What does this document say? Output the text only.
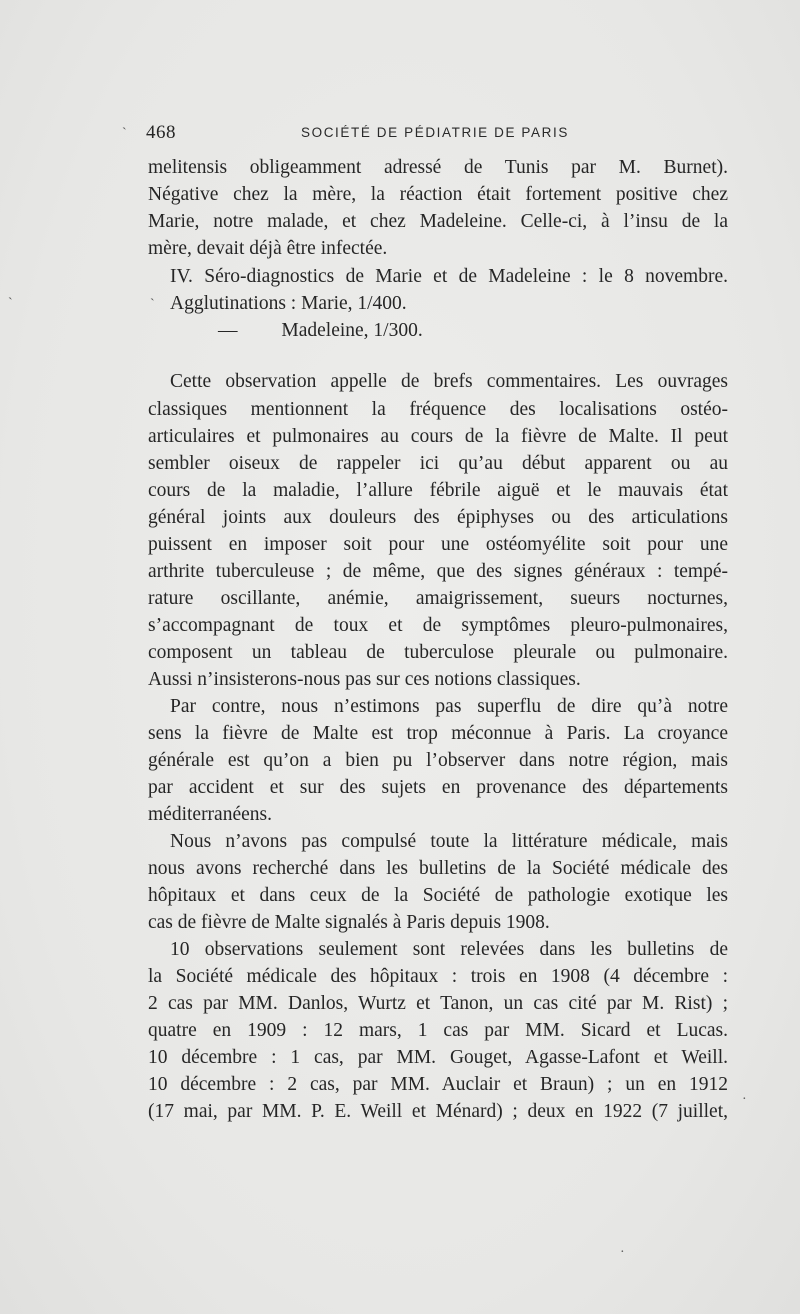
468	SOCIÉTÉ DE PÉDIATRIE DE PARIS
melitensis obligeamment adressé de Tunis par M. Burnet).
Négative chez la mère, la réaction était fortement positive chez
Marie, notre malade, et chez Madeleine. Celle-ci, à l’insu de la
mère, devait déjà être infectée.
IV. Séro-diagnostics de Marie et de Madeleine : le 8 novembre.
Agglutinations : Marie, 1/400.
—         Madeleine, 1/300.
Cette observation appelle de brefs commentaires. Les ouvrages
classiques mentionnent la fréquence des localisations ostéo-
articulaires et pulmonaires au cours de la fièvre de Malte. Il peut
sembler oiseux de rappeler ici qu’au début apparent ou au
cours de la maladie, l’allure fébrile aiguë et le mauvais état
général joints aux douleurs des épiphyses ou des articulations
puissent en imposer soit pour une ostéomyélite soit pour une
arthrite tuberculeuse ; de même, que des signes généraux : tempé-
rature oscillante, anémie, amaigrissement, sueurs nocturnes,
s’accompagnant de toux et de symptômes pleuro-pulmonaires,
composent un tableau de tuberculose pleurale ou pulmonaire.
Aussi n’insisterons-nous pas sur ces notions classiques.
Par contre, nous n’estimons pas superflu de dire qu’à notre
sens la fièvre de Malte est trop méconnue à Paris. La croyance
générale est qu’on a bien pu l’observer dans notre région, mais
par accident et sur des sujets en provenance des départements
méditerranéens.
Nous n’avons pas compulsé toute la littérature médicale, mais
nous avons recherché dans les bulletins de la Société médicale des
hôpitaux et dans ceux de la Société de pathologie exotique les
cas de fièvre de Malte signalés à Paris depuis 1908.
10 observations seulement sont relevées dans les bulletins de
la Société médicale des hôpitaux : trois en 1908 (4 décembre :
2 cas par MM. Danlos, Wurtz et Tanon, un cas cité par M. Rist) ;
quatre en 1909 : 12 mars, 1 cas par MM. Sicard et Lucas.
10 décembre : 1 cas, par MM. Gouget, Agasse-Lafont et Weill.
10 décembre : 2 cas, par MM. Auclair et Braun) ; un en 1912
(17 mai, par MM. P. E. Weill et Ménard) ; deux en 1922 (7 juillet,
ˋ
ˋ
ˋ
·
·
